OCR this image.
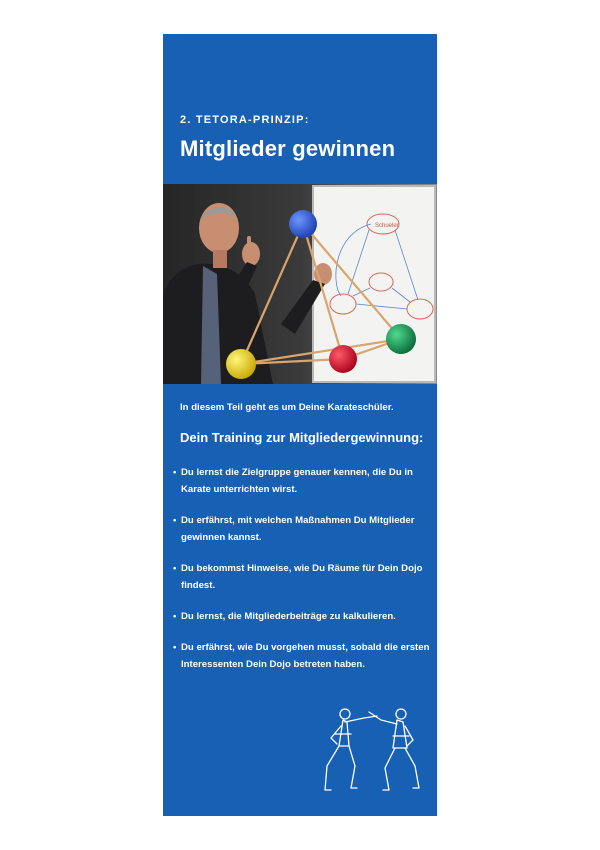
2. TETORA-PRINZIP:
Mitglieder gewinnen
Schueler
In diesem Teil geht es um Deine Karateschüler.
Dein Training zur Mitgliedergewinnung:
• Du lernst die Zielgruppe genauer kennen, die Du in
Karate unterrichten wirst.
• Du erfährst, mit welchen Maßnahmen Du Mitglieder
gewinnen kannst.
• Du bekommst Hinweise, wie Du Räume für Dein Dojo
findest.
• Du lernst, die Mitgliederbeiträge zu kalkulieren.
• Du erfährst, wie Du vorgehen musst, sobald die ersten
Interessenten Dein Dojo betreten haben.
